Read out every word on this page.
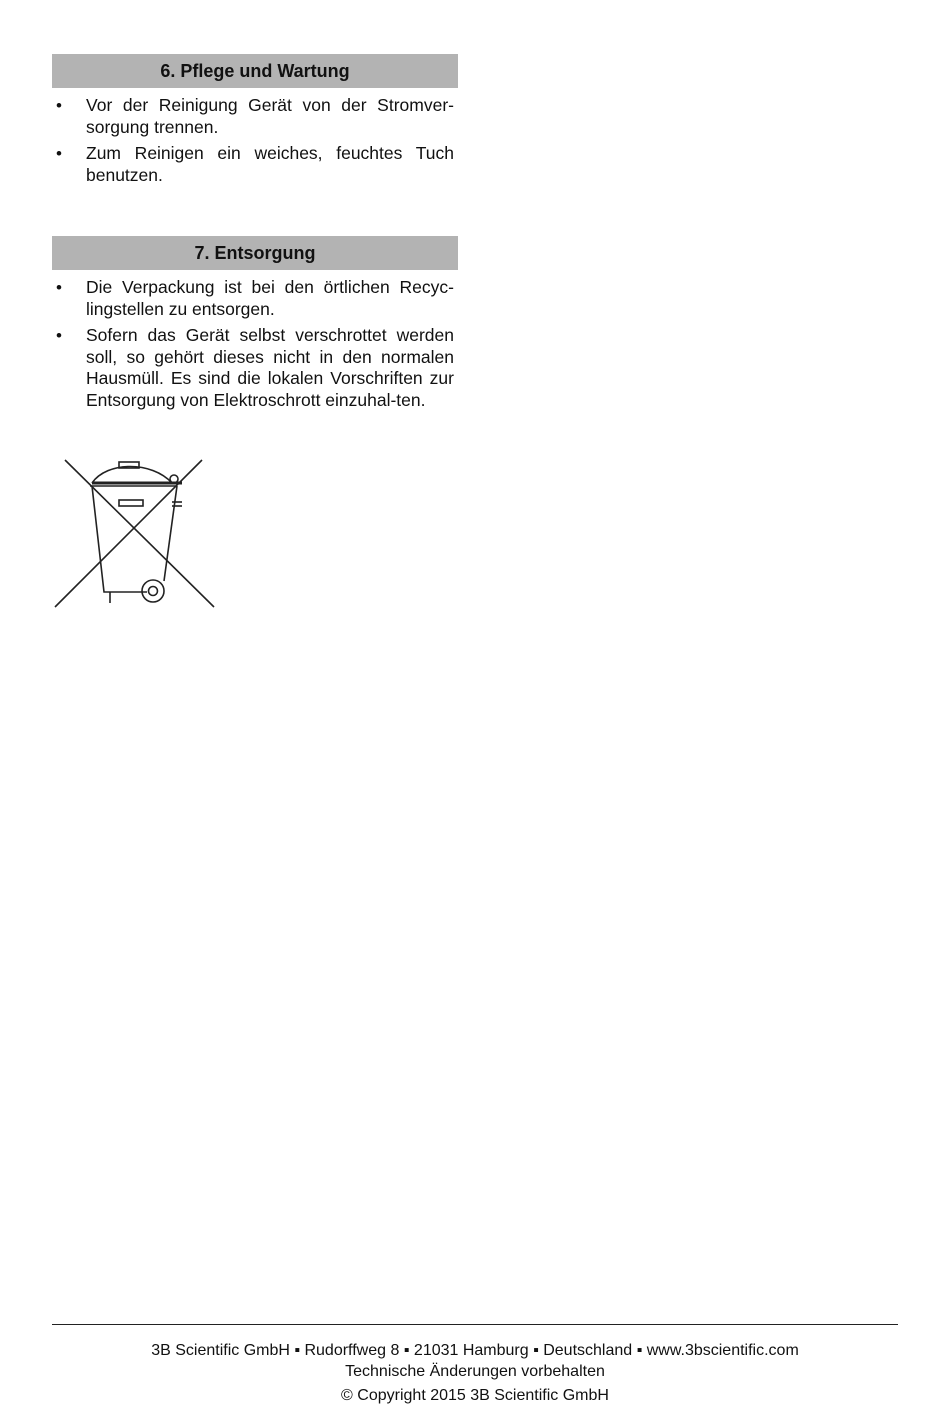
6. Pflege und Wartung
• Vor der Reinigung Gerät von der Stromver-sorgung trennen.
• Zum Reinigen ein weiches, feuchtes Tuch benutzen.
7. Entsorgung
• Die Verpackung ist bei den örtlichen Recyc-lingstellen zu entsorgen.
• Sofern das Gerät selbst verschrottet werden soll, so gehört dieses nicht in den normalen Hausmüll. Es sind die lokalen Vorschriften zur Entsorgung von Elektroschrott einzuhal-ten.
3B Scientific GmbH ▪ Rudorffweg 8 ▪ 21031 Hamburg ▪ Deutschland ▪ www.3bscientific.com
Technische Änderungen vorbehalten
© Copyright 2015 3B Scientific GmbH
